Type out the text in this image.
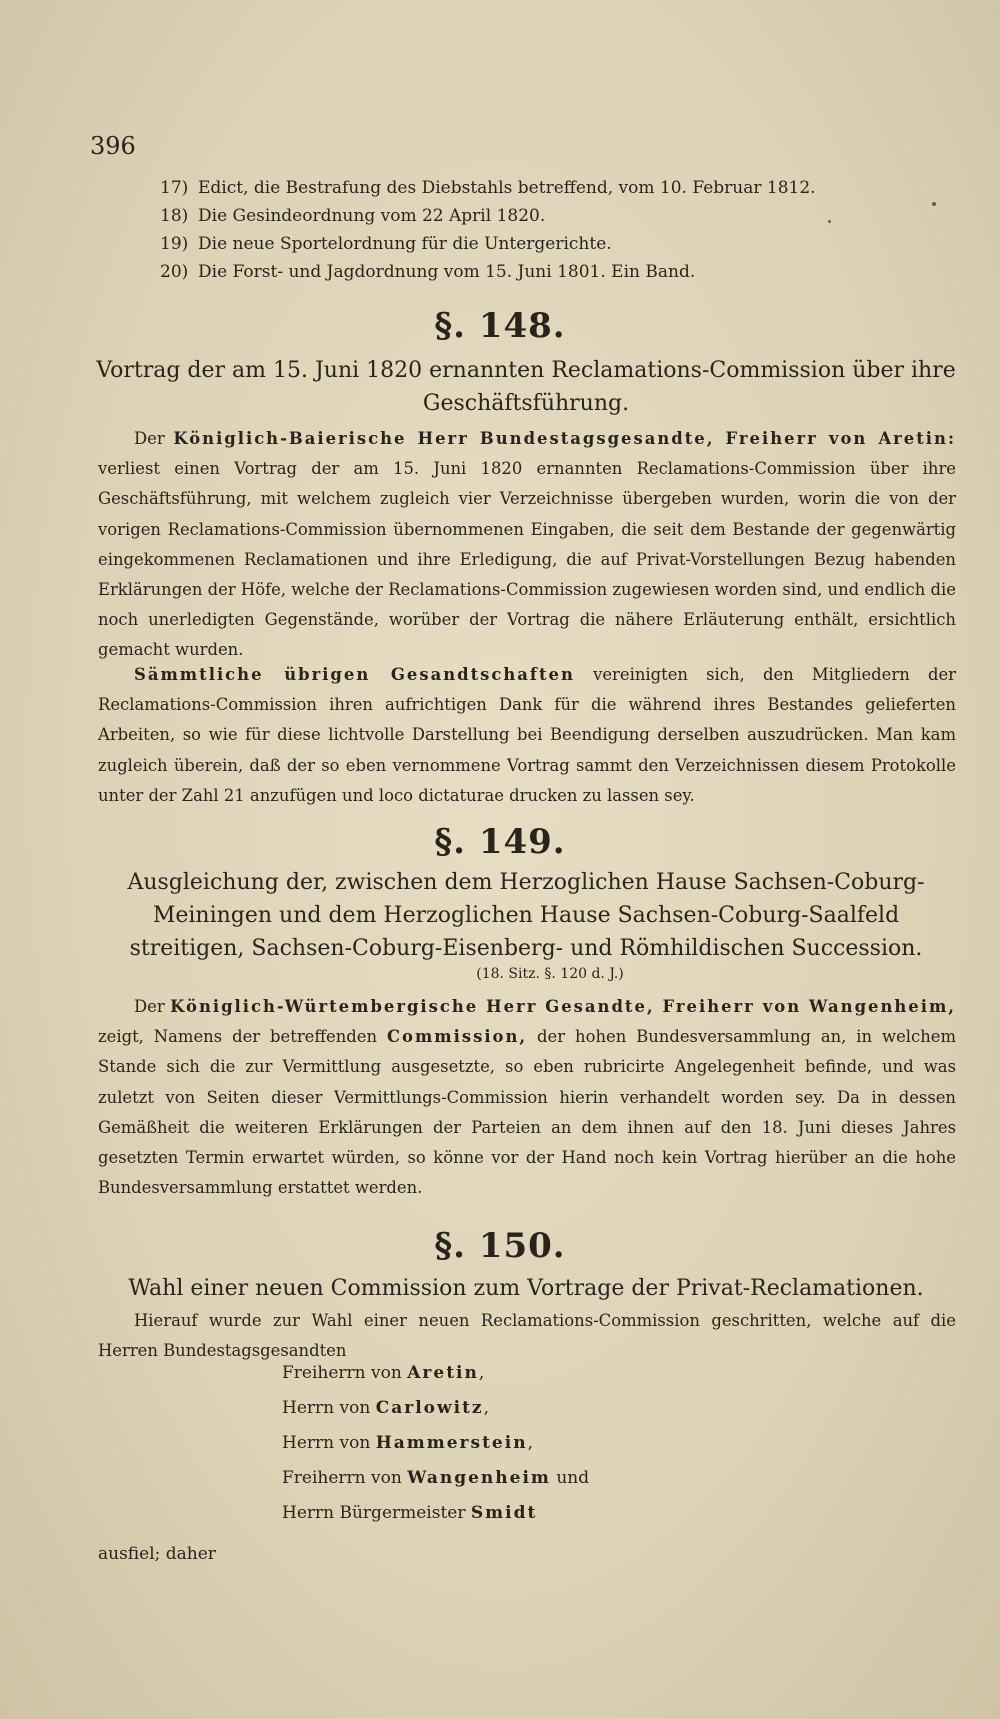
396
17) Edict, die Bestrafung des Diebstahls betreffend, vom 10. Februar 1812.
18) Die Gesindeordnung vom 22 April 1820.
19) Die neue Sportelordnung für die Untergerichte.
20) Die Forst- und Jagdordnung vom 15. Juni 1801. Ein Band.
§. 148.
Vortrag der am 15. Juni 1820 ernannten Reclamations-Commission über ihre Geschäftsführung.
Der Königlich-Baierische Herr Bundestagsgesandte, Freiherr von Aretin: verliest einen Vortrag der am 15. Juni 1820 ernannten Reclamations-Commission über ihre Geschäftsführung, mit welchem zugleich vier Verzeichnisse übergeben wurden, worin die von der vorigen Reclamations-Commission übernommenen Eingaben, die seit dem Bestande der gegenwärtig eingekommenen Reclamationen und ihre Erledigung, die auf Privat-Vorstellungen Bezug habenden Erklärungen der Höfe, welche der Reclamations-Commission zugewiesen worden sind, und endlich die noch unerledigten Gegenstände, worüber der Vortrag die nähere Erläuterung enthält, ersichtlich gemacht wurden.
Sämmtliche übrigen Gesandtschaften vereinigten sich, den Mitgliedern der Reclamations-Commission ihren aufrichtigen Dank für die während ihres Bestandes gelieferten Arbeiten, so wie für diese lichtvolle Darstellung bei Beendigung derselben auszudrücken. Man kam zugleich überein, daß der so eben vernommene Vortrag sammt den Verzeichnissen diesem Protokolle unter der Zahl 21 anzufügen und loco dictaturae drucken zu lassen sey.
§. 149.
Ausgleichung der, zwischen dem Herzoglichen Hause Sachsen-Coburg-Meiningen und dem Herzoglichen Hause Sachsen-Coburg-Saalfeld streitigen, Sachsen-Coburg-Eisenberg- und Römhildischen Succession.
(18. Sitz. §. 120 d. J.)
Der Königlich-Würtembergische Herr Gesandte, Freiherr von Wangenheim, zeigt, Namens der betreffenden Commission, der hohen Bundesversammlung an, in welchem Stande sich die zur Vermittlung ausgesetzte, so eben rubricirte Angelegenheit befinde, und was zuletzt von Seiten dieser Vermittlungs-Commission hierin verhandelt worden sey. Da in dessen Gemäßheit die weiteren Erklärungen der Parteien an dem ihnen auf den 18. Juni dieses Jahres gesetzten Termin erwartet würden, so könne vor der Hand noch kein Vortrag hierüber an die hohe Bundesversammlung erstattet werden.
§. 150.
Wahl einer neuen Commission zum Vortrage der Privat-Reclamationen.
Hierauf wurde zur Wahl einer neuen Reclamations-Commission geschritten, welche auf die Herren Bundestagsgesandten
Freiherrn von Aretin,
Herrn von Carlowitz,
Herrn von Hammerstein,
Freiherrn von Wangenheim und
Herrn Bürgermeister Smidt
ausfiel; daher
